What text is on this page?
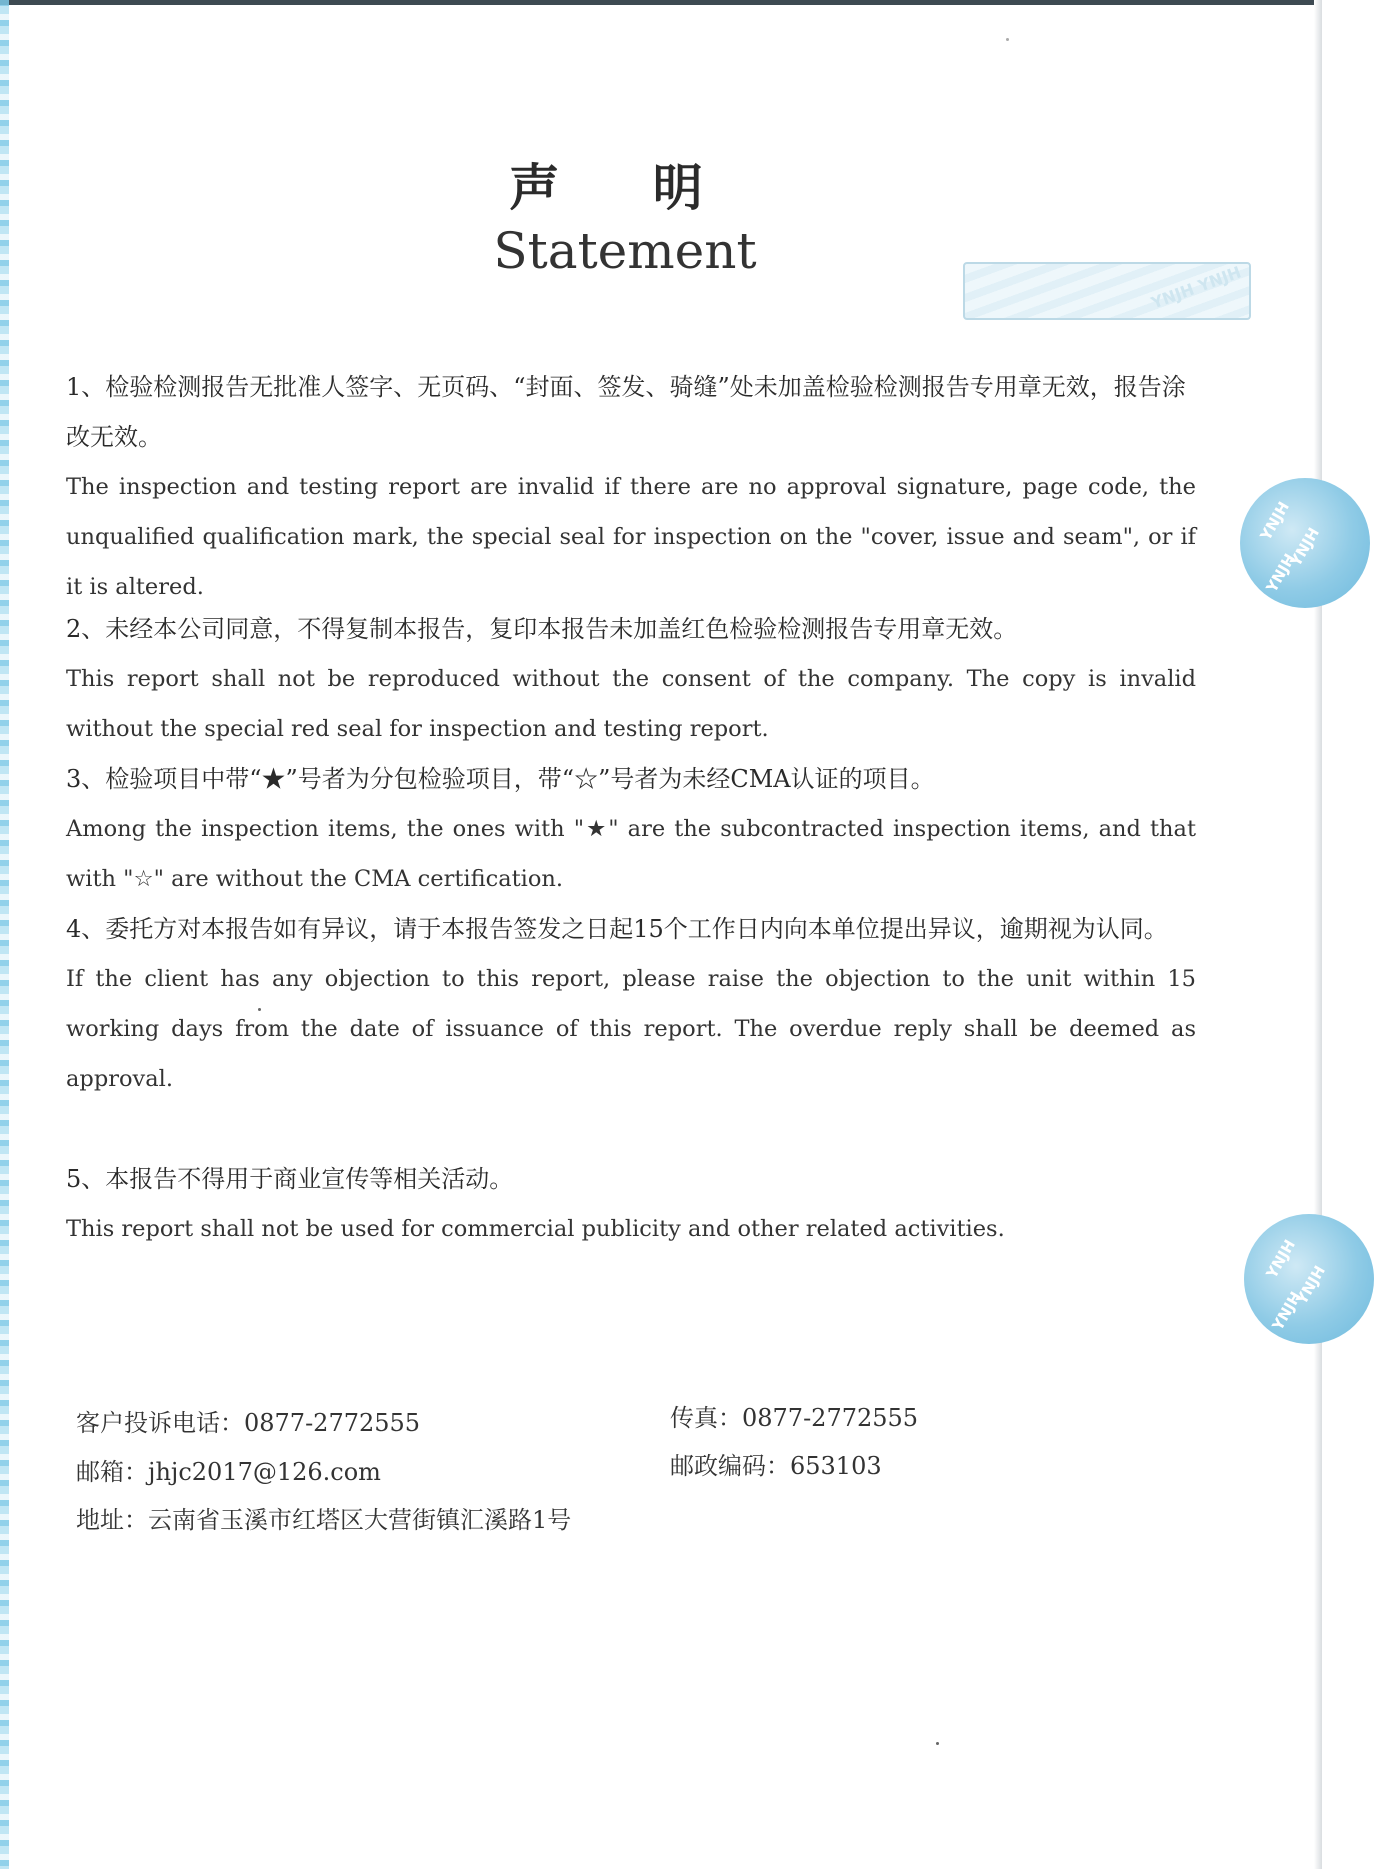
声 明
Statement
YNJH YNJH

1、检验检测报告无批准人签字、无页码、“封面、签发、骑缝”处未加盖检验检测报告专用章无效，报告涂改无效。

The inspection and testing report are invalid if there are no approval signature, page code, the unqualified qualification mark, the special seal for inspection on the "cover, issue and seam", or if it is altered.

2、未经本公司同意，不得复制本报告，复印本报告未加盖红色检验检测报告专用章无效。

This report shall not be reproduced without the consent of the company. The copy is invalid without the special red seal for inspection and testing report.

3、检验项目中带“★”号者为分包检验项目，带“☆”号者为未经CMA认证的项目。

Among the inspection items, the ones with "★" are the subcontracted inspection items, and that with "☆" are without the CMA certification.

4、委托方对本报告如有异议，请于本报告签发之日起15个工作日内向本单位提出异议，逾期视为认同。

If the client has any objection to this report, please raise the objection to the unit within 15 working days from the date of issuance of this report. The overdue reply shall be deemed as approval.

5、本报告不得用于商业宣传等相关活动。

This report shall not be used for commercial publicity and other related activities.

客户投诉电话：0877-2772555	传真：0877-2772555
邮箱：jhjc2017@126.com	邮政编码：653103
地址：云南省玉溪市红塔区大营街镇汇溪路1号
YNJH
YNJH
YNJH
YNJH
YNJH
YNJH
